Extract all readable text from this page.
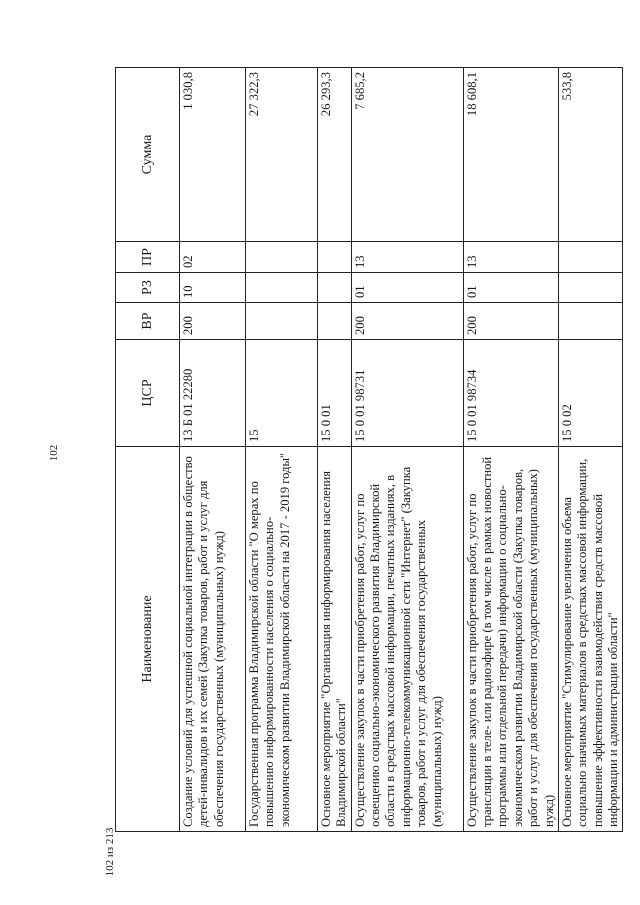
102
102 из 213
Наименование	ЦСР	ВР	РЗ	ПР	Сумма
Создание условий для успешной социальной интеграции в общество детей-инвалидов и их семей (Закупка товаров, работ и услуг для обеспечения государственных (муниципальных) нужд)	13 Б 01 22280	200	10	02	1 030,8
Государственная программа Владимирской области "О мерах по повышению информированности населения о социально-экономическом развитии Владимирской области на 2017 - 2019 годы"	15				27 322,3
Основное мероприятие "Организация информирования населения Владимирской области"	15 0 01				26 293,3
Осуществление закупок в части приобретения работ, услуг по освещению социально-экономического развития Владимирской области в средствах массовой информации, печатных изданиях, в информационно-телекоммуникационной сети "Интернет" (Закупка товаров, работ и услуг для обеспечения государственных (муниципальных) нужд)	15 0 01 98731	200	01	13	7 685,2
Осуществление закупок в части приобретения работ, услуг по трансляции в теле- или радиоэфире (в том числе в рамках новостной программы или отдельной передачи) информации о социально-экономическом развитии Владимирской области (Закупка товаров, работ и услуг для обеспечения государственных (муниципальных) нужд)	15 0 01 98734	200	01	13	18 608,1
Основное мероприятие "Стимулирование увеличения объема социально значимых материалов в средствах массовой информации, повышение эффективности взаимодействия средств массовой информации и администрации области"	15 0 02				533,8
